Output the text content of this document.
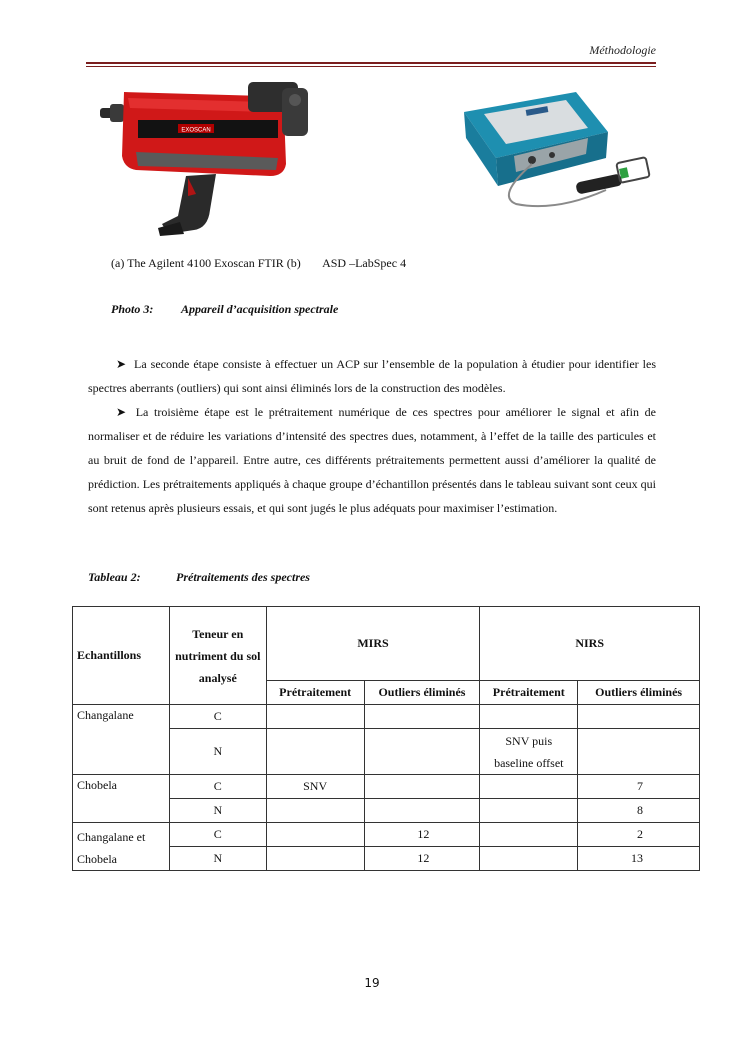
Méthodologie
EXOSCAN
(a) The Agilent 4100 Exoscan FTIR (b) ASD –LabSpec 4
Photo 3: Appareil d’acquisition spectrale

➤ La seconde étape consiste à effectuer un ACP sur l’ensemble de la population à étudier pour identifier les spectres aberrants (outliers) qui sont ainsi éliminés lors de la construction des modèles.

➤ La troisième étape est le prétraitement numérique de ces spectres pour améliorer le signal et afin de normaliser et de réduire les variations d’intensité des spectres dues, notamment, à l’effet de la taille des particules et au bruit de fond de l’appareil. Entre autre, ces différents prétraitements permettent aussi d’améliorer la qualité de prédiction. Les prétraitements appliqués à chaque groupe d’échantillon présentés dans le tableau suivant sont ceux qui sont retenus après plusieurs essais, et qui sont jugés le plus adéquats pour maximiser l’estimation.

Tableau 2:	Prétraitements des spectres
Echantillons	Teneur en nutriment du sol analysé	MIRS		NIRS	
		Prétraitement	Outliers éliminés	Prétraitement	Outliers éliminés
Changalane	C				
	N			SNV puis baseline offset	
Chobela	C	SNV			7
	N				8
Changalane et Chobela	C		12		2
	N		12		13
19
